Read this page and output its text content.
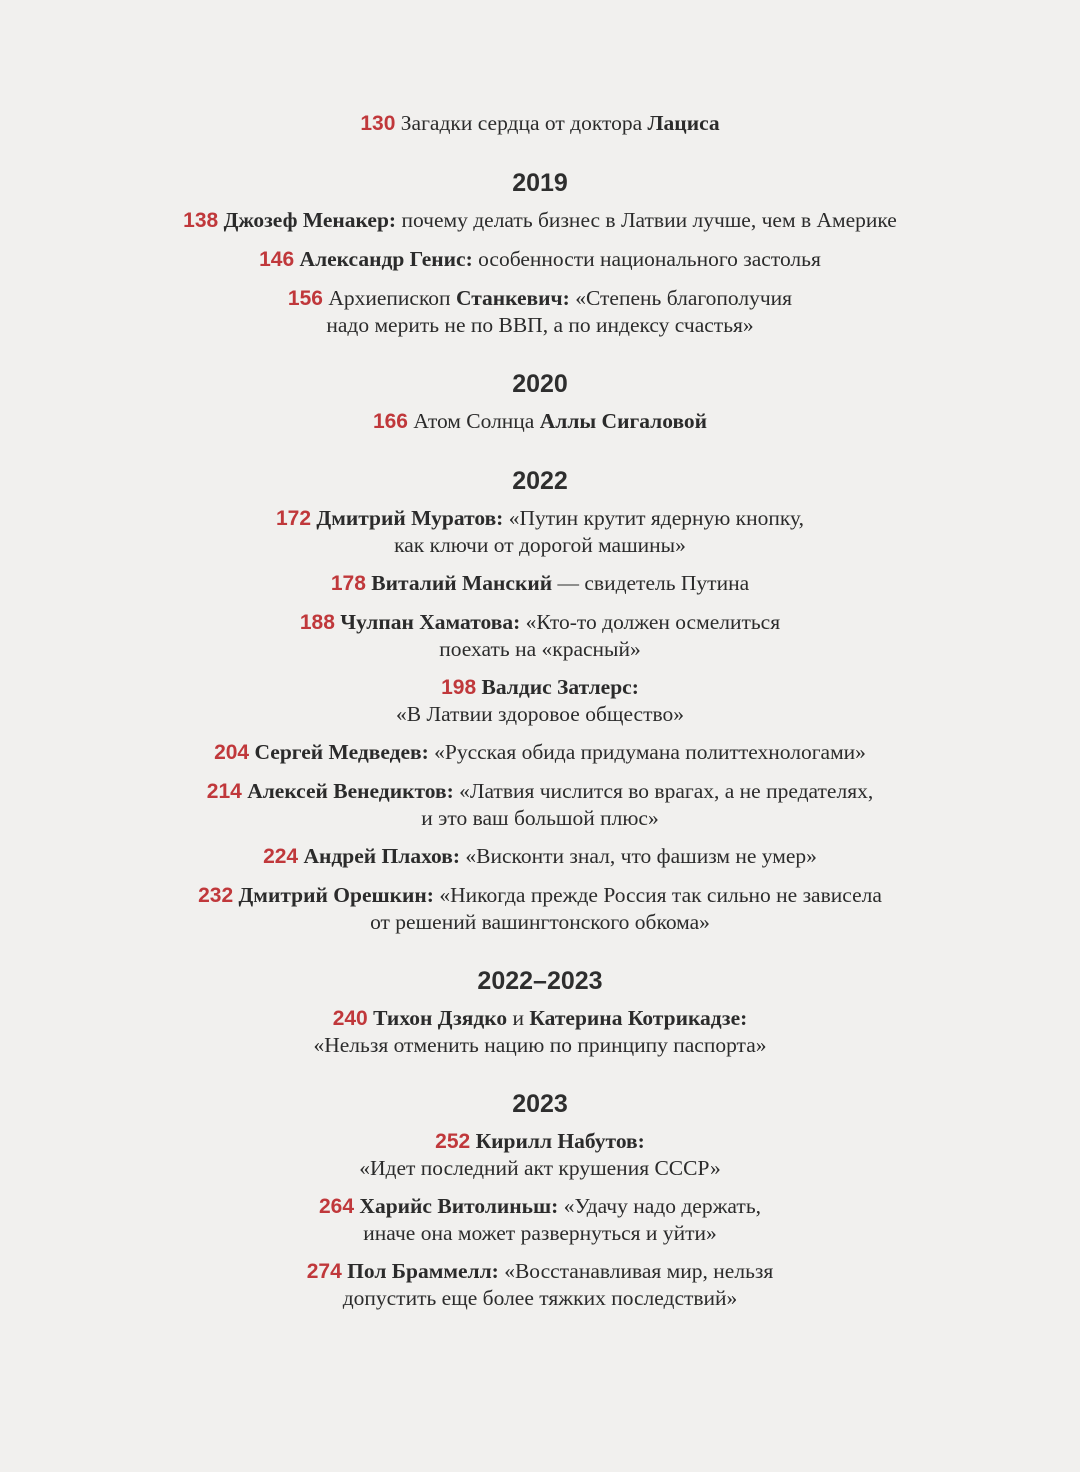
130 Загадки сердца от доктора Лациса

2019

138 Джозеф Менакер: почему делать бизнес в Латвии лучше, чем в Америке

146 Александр Генис: особенности национального застолья

156 Архиепископ Станкевич: «Степень благополучия
надо мерить не по ВВП, а по индексу счастья»

2020

166 Атом Солнца Аллы Сигаловой

2022

172 Дмитрий Муратов: «Путин крутит ядерную кнопку,
как ключи от дорогой машины»

178 Виталий Манский — свидетель Путина

188 Чулпан Хаматова: «Кто-то должен осмелиться
поехать на «красный»

198 Валдис Затлерс:
«В Латвии здоровое общество»

204 Сергей Медведев: «Русская обида придумана политтехнологами»

214 Алексей Венедиктов: «Латвия числится во врагах, а не предателях,
и это ваш большой плюс»

224 Андрей Плахов: «Висконти знал, что фашизм не умер»

232 Дмитрий Орешкин: «Никогда прежде Россия так сильно не зависела
от решений вашингтонского обкома»

2022–2023

240 Тихон Дзядко и Катерина Котрикадзе:
«Нельзя отменить нацию по принципу паспорта»

2023

252 Кирилл Набутов:
«Идет последний акт крушения СССР»

264 Харийс Витолиньш: «Удачу надо держать,
иначе она может развернуться и уйти»

274 Пол Браммелл: «Восстанавливая мир, нельзя
допустить еще более тяжких последствий»
